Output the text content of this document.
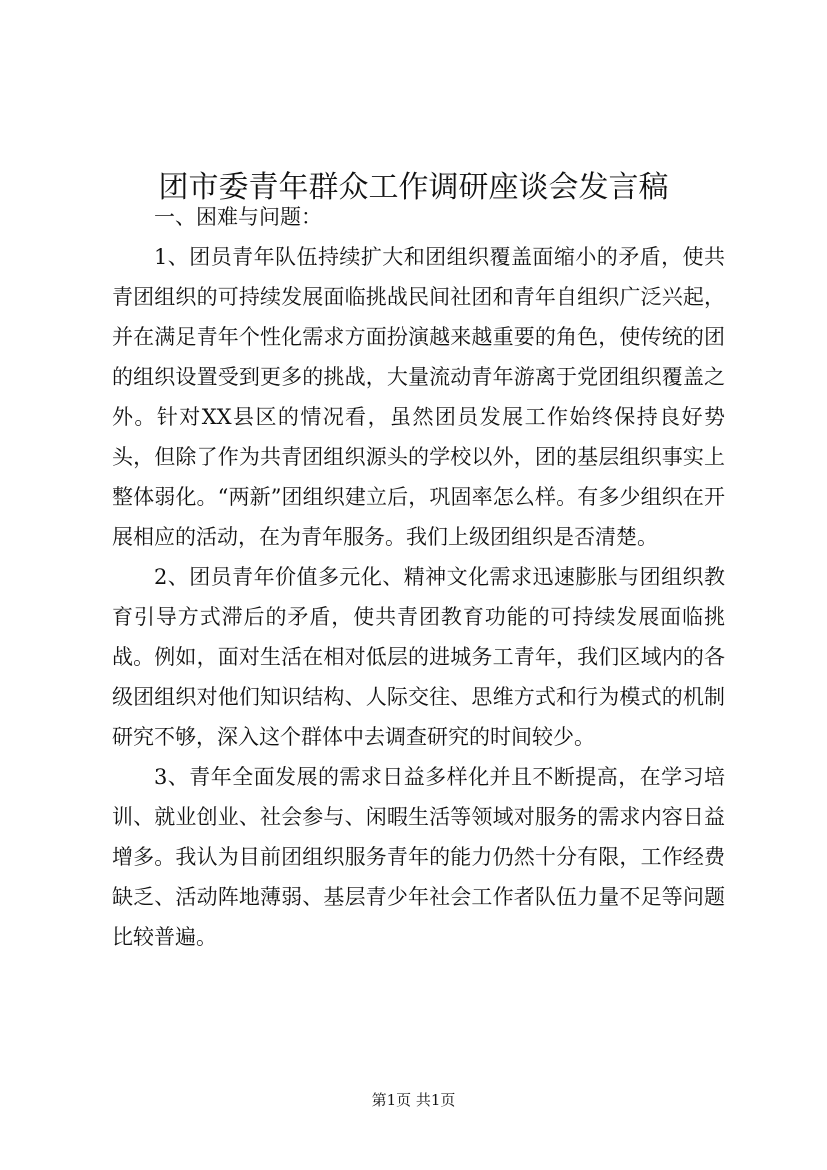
团市委青年群众工作调研座谈会发言稿

一、困难与问题：

1、团员青年队伍持续扩大和团组织覆盖面缩小的矛盾，使共青团组织的可持续发展面临挑战民间社团和青年自组织广泛兴起，并在满足青年个性化需求方面扮演越来越重要的角色，使传统的团的组织设置受到更多的挑战，大量流动青年游离于党团组织覆盖之外。针对XX县区的情况看，虽然团员发展工作始终保持良好势头，但除了作为共青团组织源头的学校以外，团的基层组织事实上整体弱化。“两新”团组织建立后，巩固率怎么样。有多少组织在开展相应的活动，在为青年服务。我们上级团组织是否清楚。

2、团员青年价值多元化、精神文化需求迅速膨胀与团组织教育引导方式滞后的矛盾，使共青团教育功能的可持续发展面临挑战。例如，面对生活在相对低层的进城务工青年，我们区域内的各级团组织对他们知识结构、人际交往、思维方式和行为模式的机制研究不够，深入这个群体中去调查研究的时间较少。

3、青年全面发展的需求日益多样化并且不断提高，在学习培训、就业创业、社会参与、闲暇生活等领域对服务的需求内容日益增多。我认为目前团组织服务青年的能力仍然十分有限，工作经费缺乏、活动阵地薄弱、基层青少年社会工作者队伍力量不足等问题比较普遍。

第1页 共1页
